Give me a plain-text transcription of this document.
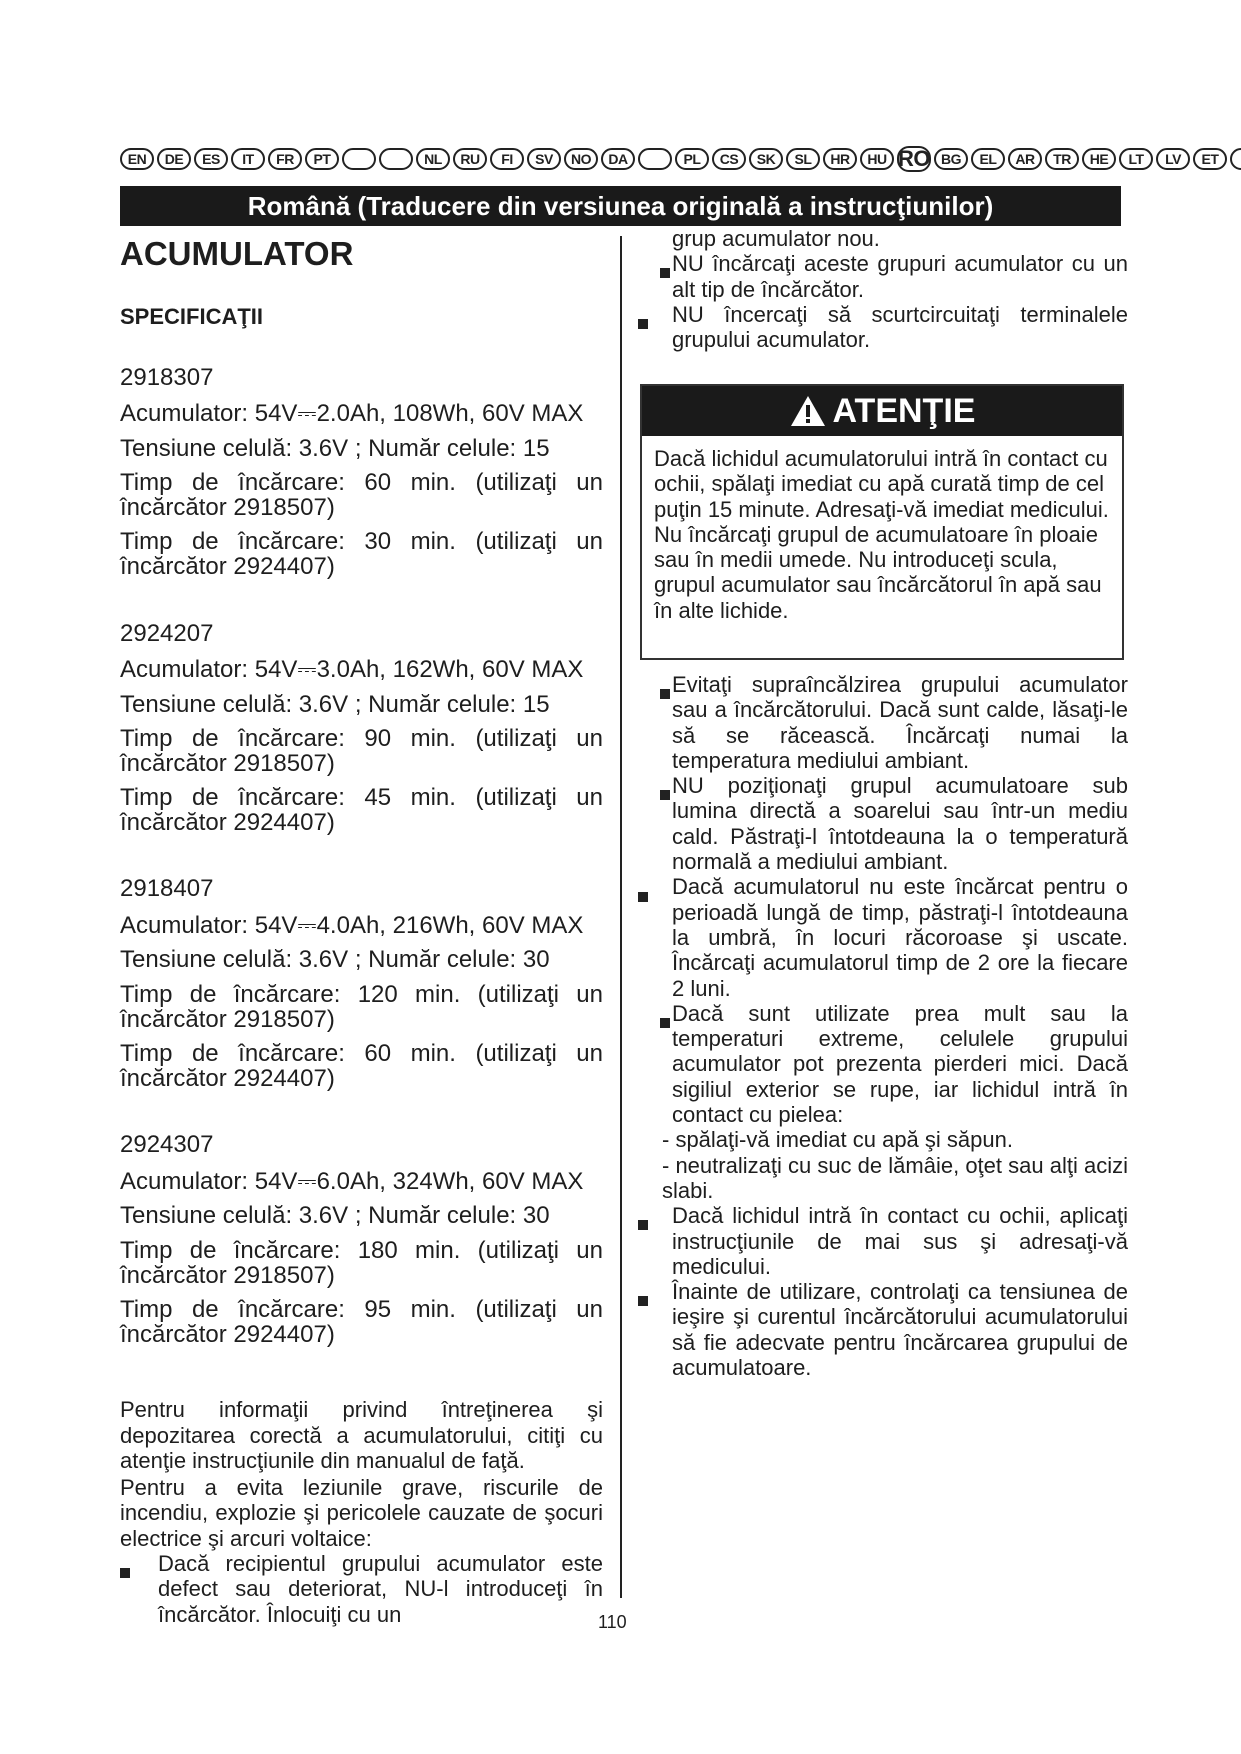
EN	DE	ES	IT	FR	PT	NL	RU	FI	SV	NO	DA	PL	CS	SK	SL	HR	HU RO BG	EL	AR	TR	HE	LT	LV	ET
Română (Traducere din versiunea originală a instrucţiunilor)
ACUMULATOR
SPECIFICAŢII
2918307
Acumulator: 54V⎓2.0Ah, 108Wh, 60V MAX
Tensiune celulă: 3.6V ; Număr celule: 15
Timp de încărcare: 60 min. (utilizaţi un încărcător 2918507)
Timp de încărcare: 30 min. (utilizaţi un încărcător 2924407)
2924207
Acumulator: 54V⎓3.0Ah, 162Wh, 60V MAX
Tensiune celulă: 3.6V ; Număr celule: 15
Timp de încărcare: 90 min. (utilizaţi un încărcător 2918507)
Timp de încărcare: 45 min. (utilizaţi un încărcător 2924407)
2918407
Acumulator: 54V⎓4.0Ah, 216Wh, 60V MAX
Tensiune celulă: 3.6V ; Număr celule: 30
Timp de încărcare: 120 min. (utilizaţi un încărcător 2918507)
Timp de încărcare: 60 min. (utilizaţi un încărcător 2924407)
2924307
Acumulator: 54V⎓6.0Ah, 324Wh, 60V MAX
Tensiune celulă: 3.6V ; Număr celule: 30
Timp de încărcare: 180 min. (utilizaţi un încărcător 2918507)
Timp de încărcare: 95 min. (utilizaţi un încărcător 2924407)
Pentru informaţii privind întreţinerea şi depozitarea corectă a acumulatorului, citiţi cu atenţie instrucţiunile din manualul de faţă.
Pentru a evita leziunile grave, riscurile de incendiu, explozie şi pericolele cauzate de şocuri electrice şi arcuri voltaice:
Dacă recipientul grupului acumulator este defect sau deteriorat, NU-l introduceţi în încărcător. Înlocuiţi cu un
grup acumulator nou.
NU încărcaţi aceste grupuri acumulator cu un alt tip de încărcător.
NU încercaţi să scurtcircuitaţi terminalele grupului acumulator.
ATENŢIE
Dacă lichidul acumulatorului intră în contact cu ochii, spălaţi imediat cu apă curată timp de cel puţin 15 minute. Adresaţi-vă imediat medicului. Nu încărcaţi grupul de acumulatoare în ploaie sau în medii umede. Nu introduceţi scula, grupul acumulator sau încărcătorul în apă sau în alte lichide.
Evitaţi supraîncălzirea grupului acumulator sau a încărcătorului. Dacă sunt calde, lăsaţi-le să se răcească. Încărcaţi numai la temperatura mediului ambiant.
NU poziţionaţi grupul acumulatoare sub lumina directă a soarelui sau într-un mediu cald. Păstraţi-l întotdeauna la o temperatură normală a mediului ambiant.
Dacă acumulatorul nu este încărcat pentru o perioadă lungă de timp, păstraţi-l întotdeauna la umbră, în locuri răcoroase şi uscate. Încărcaţi acumulatorul timp de 2 ore la fiecare 2 luni.
Dacă sunt utilizate prea mult sau la temperaturi extreme, celulele grupului acumulator pot prezenta pierderi mici. Dacă sigiliul exterior se rupe, iar lichidul intră în contact cu pielea:
- spălaţi-vă imediat cu apă şi săpun.
- neutralizaţi cu suc de lămâie, oţet sau alţi acizi slabi.
Dacă lichidul intră în contact cu ochii, aplicaţi instrucţiunile de mai sus şi adresaţi-vă medicului.
Înainte de utilizare, controlaţi ca tensiunea de ieşire şi curentul încărcătorului acumulatorului să fie adecvate pentru încărcarea grupului de acumulatoare.
110
